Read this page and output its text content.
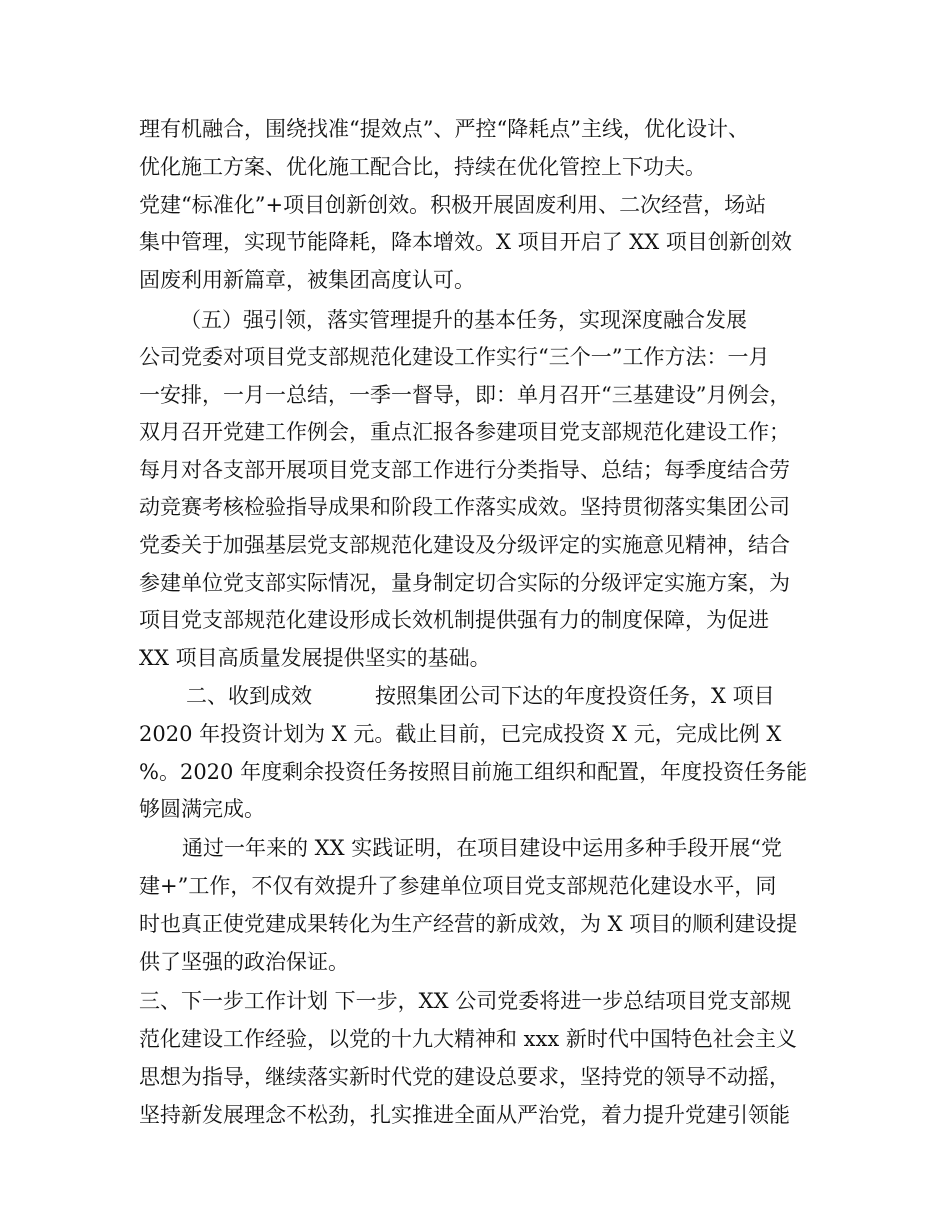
理有机融合，围绕找准“提效点”、严控“降耗点”主线，优化设计、
优化施工方案、优化施工配合比，持续在优化管控上下功夫。
党建“标准化”+项目创新创效。积极开展固废利用、二次经营，场站
集中管理，实现节能降耗，降本增效。X 项目开启了 XX 项目创新创效
固废利用新篇章，被集团高度认可。
（五）强引领，落实管理提升的基本任务，实现深度融合发展
公司党委对项目党支部规范化建设工作实行“三个一”工作方法：一月
一安排，一月一总结，一季一督导，即：单月召开“三基建设”月例会，
双月召开党建工作例会，重点汇报各参建项目党支部规范化建设工作；
每月对各支部开展项目党支部工作进行分类指导、总结；每季度结合劳
动竞赛考核检验指导成果和阶段工作落实成效。坚持贯彻落实集团公司
党委关于加强基层党支部规范化建设及分级评定的实施意见精神，结合
参建单位党支部实际情况，量身制定切合实际的分级评定实施方案，为
项目党支部规范化建设形成长效机制提供强有力的制度保障，为促进
XX 项目高质量发展提供坚实的基础。
二、收到成效　　　按照集团公司下达的年度投资任务，X 项目
2020 年投资计划为 X 元。截止目前，已完成投资 X 元，完成比例 X
%。2020 年度剩余投资任务按照目前施工组织和配置，年度投资任务能
够圆满完成。
通过一年来的 XX 实践证明，在项目建设中运用多种手段开展“党
建+”工作，不仅有效提升了参建单位项目党支部规范化建设水平，同
时也真正使党建成果转化为生产经营的新成效，为 X 项目的顺利建设提
供了坚强的政治保证。
三、下一步工作计划 下一步，XX 公司党委将进一步总结项目党支部规
范化建设工作经验，以党的十九大精神和 xxx 新时代中国特色社会主义
思想为指导，继续落实新时代党的建设总要求，坚持党的领导不动摇，
坚持新发展理念不松劲，扎实推进全面从严治党，着力提升党建引领能
